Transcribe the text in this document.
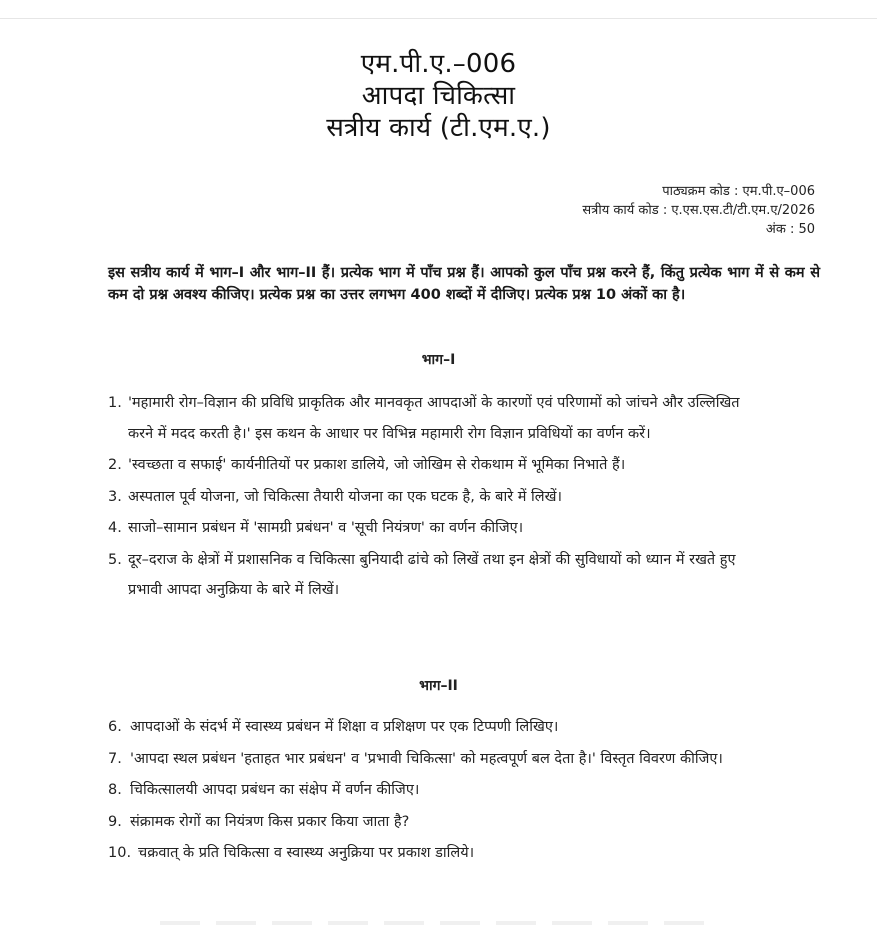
एम.पी.ए.–006
आपदा चिकित्सा
सत्रीय कार्य (टी.एम.ए.)
पाठ्यक्रम कोड : एम.पी.ए–006
सत्रीय कार्य कोड : ए.एस.एस.टी/टी.एम.ए/2026
अंक : 50
इस सत्रीय कार्य में भाग–I और भाग–II हैं। प्रत्येक भाग में पाँच प्रश्न हैं। आपको कुल पाँच प्रश्न करने हैं, किंतु प्रत्येक भाग में से कम से कम दो प्रश्न अवश्य कीजिए। प्रत्येक प्रश्न का उत्तर लगभग 400 शब्दों में दीजिए। प्रत्येक प्रश्न 10 अंकों का है।
भाग–I
1. 'महामारी रोग–विज्ञान की प्रविधि प्राकृतिक और मानवकृत आपदाओं के कारणों एवं परिणामों को जांचने और उल्लिखित करने में मदद करती है।' इस कथन के आधार पर विभिन्न महामारी रोग विज्ञान प्रविधियों का वर्णन करें।
2. 'स्वच्छता व सफाई' कार्यनीतियों पर प्रकाश डालिये, जो जोखिम से रोकथाम में भूमिका निभाते हैं।
3. अस्पताल पूर्व योजना, जो चिकित्सा तैयारी योजना का एक घटक है, के बारे में लिखें।
4. साजो–सामान प्रबंधन में 'सामग्री प्रबंधन' व 'सूची नियंत्रण' का वर्णन कीजिए।
5. दूर–दराज के क्षेत्रों में प्रशासनिक व चिकित्सा बुनियादी ढांचे को लिखें तथा इन क्षेत्रों की सुविधायों को ध्यान में रखते हुए प्रभावी आपदा अनुक्रिया के बारे में लिखें।
भाग–II
6. आपदाओं के संदर्भ में स्वास्थ्य प्रबंधन में शिक्षा व प्रशिक्षण पर एक टिप्पणी लिखिए।
7. 'आपदा स्थल प्रबंधन 'हताहत भार प्रबंधन' व 'प्रभावी चिकित्सा' को महत्वपूर्ण बल देता है।' विस्तृत विवरण कीजिए।
8. चिकित्सालयी आपदा प्रबंधन का संक्षेप में वर्णन कीजिए।
9. संक्रामक रोगों का नियंत्रण किस प्रकार किया जाता है?
10. चक्रवात् के प्रति चिकित्सा व स्वास्थ्य अनुक्रिया पर प्रकाश डालिये।
